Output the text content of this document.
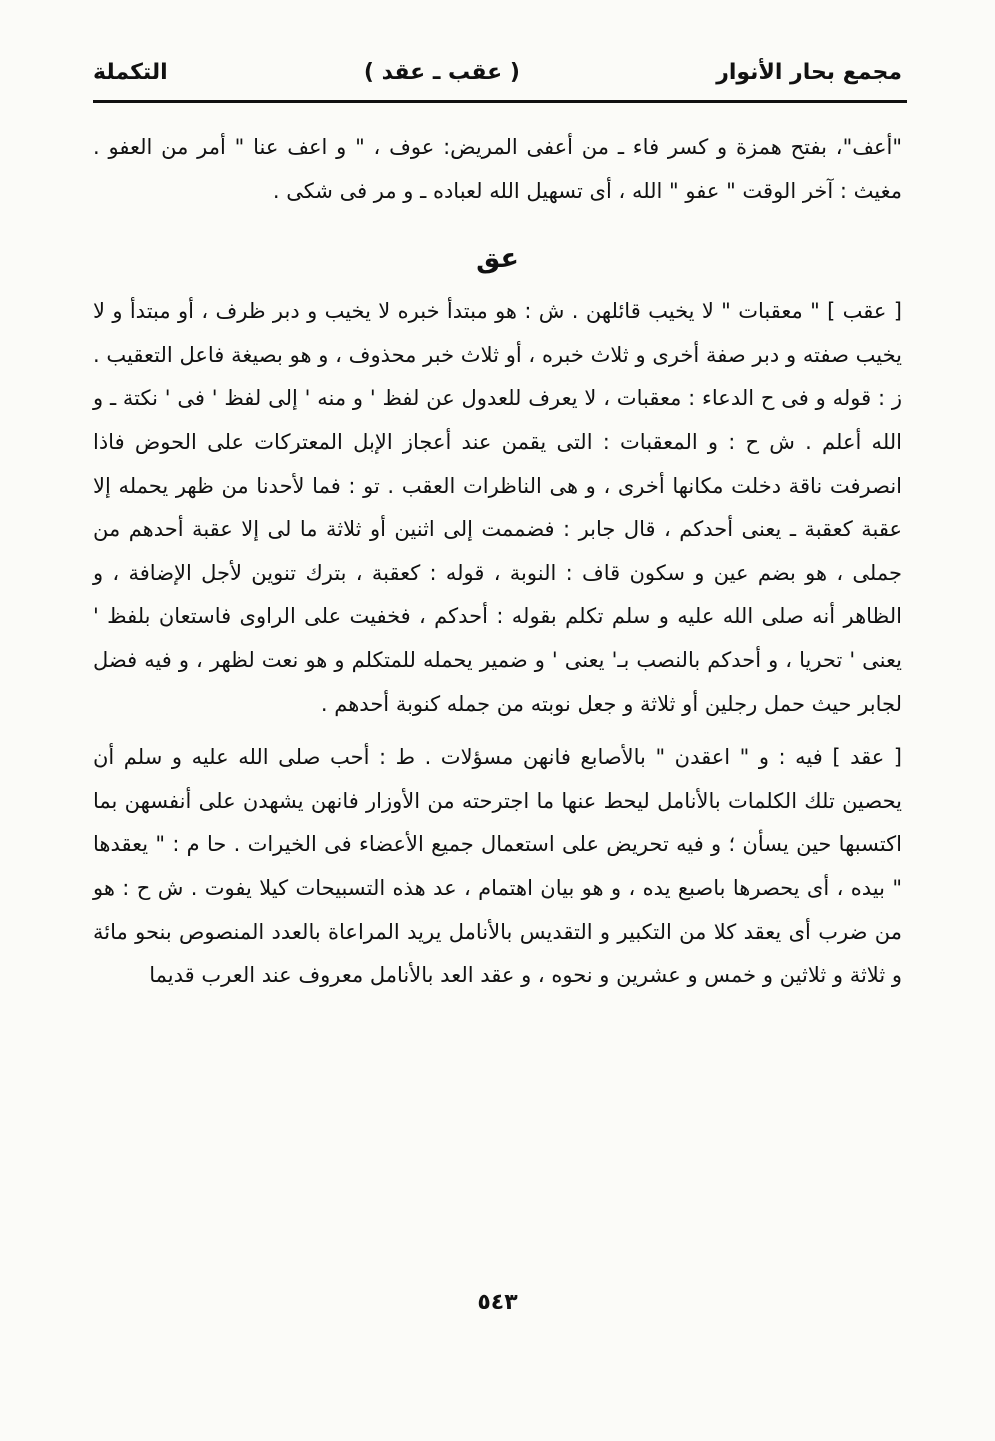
مجمع بحار الأنوار
( عقب ـ عقد )
التكملة

"أعف"، بفتح همزة و كسر فاء ـ من أعفى المريض: عوف ، " و اعف عنا " أمر من العفو . مغيث : آخر الوقت " عفو " الله ، أى تسهيل الله لعباده ـ و مر فى شكى .

عق

[ عقب ] " معقبات " لا يخيب قائلهن . ش : هو مبتدأ خبره لا يخيب و دبر ظرف ، أو مبتدأ و لا يخيب صفته و دبر صفة أخرى و ثلاث خبره ، أو ثلاث خبر محذوف ، و هو بصيغة فاعل التعقيب . ز : قوله و فى ح الدعاء : معقبات ، لا يعرف للعدول عن لفظ ' و منه ' إلى لفظ ' فى ' نكتة ـ و الله أعلم . ش ح : و المعقبات : التى يقمن عند أعجاز الإبل المعتركات على الحوض فاذا انصرفت ناقة دخلت مكانها أخرى ، و هى الناظرات العقب . تو : فما لأحدنا من ظهر يحمله إلا عقبة كعقبة ـ يعنى أحدكم ، قال جابر : فضممت إلى اثنين أو ثلاثة ما لى إلا عقبة أحدهم من جملى ، هو بضم عين و سكون قاف : النوبة ، قوله : كعقبة ، بترك تنوين لأجل الإضافة ، و الظاهر أنه صلى الله عليه و سلم تكلم بقوله : أحدكم ، فخفيت على الراوى فاستعان بلفظ ' يعنى ' تحريا ، و أحدكم بالنصب بـ' يعنى ' و ضمير يحمله للمتكلم و هو نعت لظهر ، و فيه فضل لجابر حيث حمل رجلين أو ثلاثة و جعل نوبته من جمله كنوبة أحدهم .

[ عقد ] فيه : و " اعقدن " بالأصابع فانهن مسؤلات . ط : أحب صلى الله عليه و سلم أن يحصين تلك الكلمات بالأنامل ليحط عنها ما اجترحته من الأوزار فانهن يشهدن على أنفسهن بما اكتسبها حين يسأن ؛ و فيه تحريض على استعمال جميع الأعضاء فى الخيرات . حا م : " يعقدها " بيده ، أى يحصرها باصبع يده ، و هو بيان اهتمام ، عد هذه التسبيحات كيلا يفوت . ش ح : هو من ضرب أى يعقد كلا من التكبير و التقديس بالأنامل يريد المراعاة بالعدد المنصوص بنحو مائة و ثلاثة و ثلاثين و خمس و عشرين و نحوه ، و عقد العد بالأنامل معروف عند العرب قديما

٥٤٣
